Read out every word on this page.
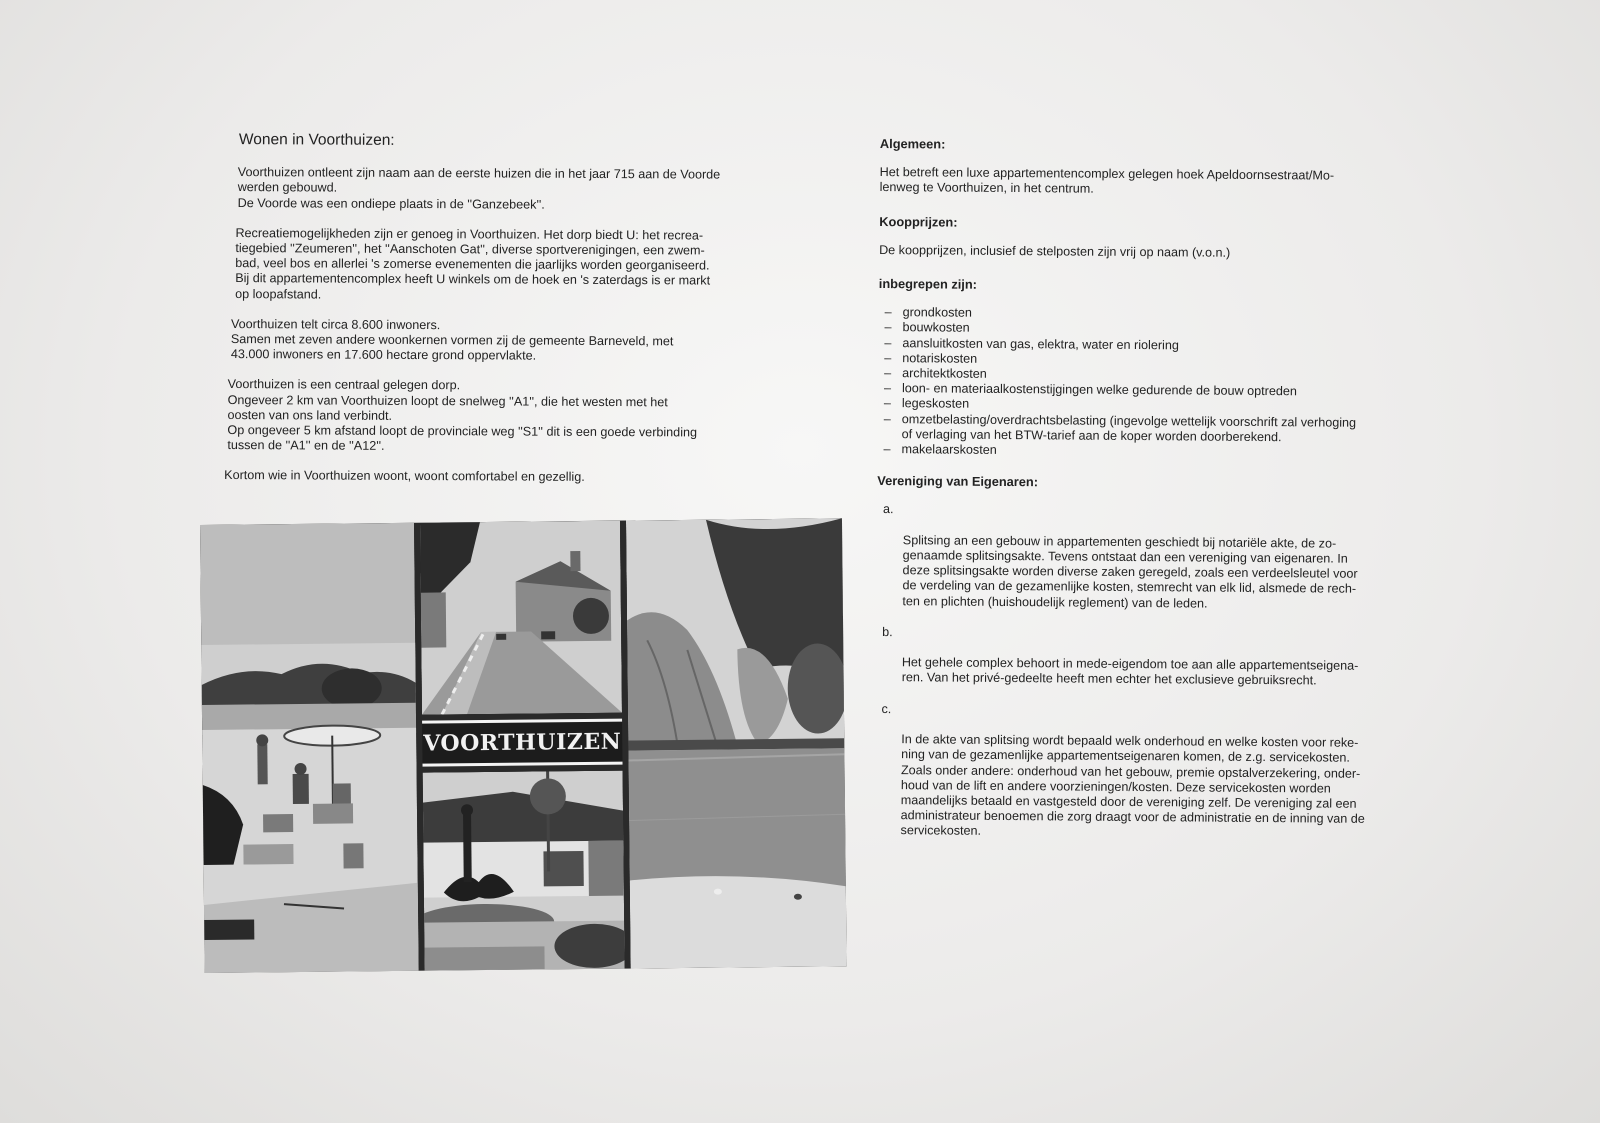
Wonen in Voorthuizen:

Voorthuizen ontleent zijn naam aan de eerste huizen die in het jaar 715 aan de Voorde
werden gebouwd.
De Voorde was een ondiepe plaats in de ''Ganzebeek''.

Recreatiemogelijkheden zijn er genoeg in Voorthuizen. Het dorp biedt U: het recrea-
tiegebied ''Zeumeren'', het ''Aanschoten Gat'', diverse sportverenigingen, een zwem-
bad, veel bos en allerlei 's zomerse evenementen die jaarlijks worden georganiseerd.
Bij dit appartementencomplex heeft U winkels om de hoek en 's zaterdags is er markt
op loopafstand.

Voorthuizen telt circa 8.600 inwoners.
Samen met zeven andere woonkernen vormen zij de gemeente Barneveld, met
43.000 inwoners en 17.600 hectare grond oppervlakte.

Voorthuizen is een centraal gelegen dorp.
Ongeveer 2 km van Voorthuizen loopt de snelweg ''A1'', die het westen met het
oosten van ons land verbindt.
Op ongeveer 5 km afstand loopt de provinciale weg ''S1'' dit is een goede verbinding
tussen de ''A1'' en de ''A12''.

Kortom wie in Voorthuizen woont, woont comfortabel en gezellig.

VOORTHUIZEN
Algemeen:

Het betreft een luxe appartementencomplex gelegen hoek Apeldoornsestraat/Mo-
lenweg te Voorthuizen, in het centrum.

Koopprijzen:

De koopprijzen, inclusief de stelposten zijn vrij op naam (v.o.n.)

inbegrepen zijn:
– grondkosten
– bouwkosten
– aansluitkosten van gas, elektra, water en riolering
– notariskosten
– architektkosten
– loon- en materiaalkostenstijgingen welke gedurende de bouw optreden
– legeskosten
– omzetbelasting/overdrachtsbelasting (ingevolge wettelijk voorschrift zal verhoging
of verlaging van het BTW-tarief aan de koper worden doorberekend.
– makelaarskosten
Vereniging van Eigenaren:

a.

Splitsing an een gebouw in appartementen geschiedt bij notariële akte, de zo-
genaamde splitsingsakte. Tevens ontstaat dan een vereniging van eigenaren. In
deze splitsingsakte worden diverse zaken geregeld, zoals een verdeelsleutel voor
de verdeling van de gezamenlijke kosten, stemrecht van elk lid, alsmede de rech-
ten en plichten (huishoudelijk reglement) van de leden.

b.

Het gehele complex behoort in mede-eigendom toe aan alle appartementseigena-
ren. Van het privé-gedeelte heeft men echter het exclusieve gebruiksrecht.

c.

In de akte van splitsing wordt bepaald welk onderhoud en welke kosten voor reke-
ning van de gezamenlijke appartementseigenaren komen, de z.g. servicekosten.
Zoals onder andere: onderhoud van het gebouw, premie opstalverzekering, onder-
houd van de lift en andere voorzieningen/kosten. Deze servicekosten worden
maandelijks betaald en vastgesteld door de vereniging zelf. De vereniging zal een
administrateur benoemen die zorg draagt voor de administratie en de inning van de
servicekosten.
